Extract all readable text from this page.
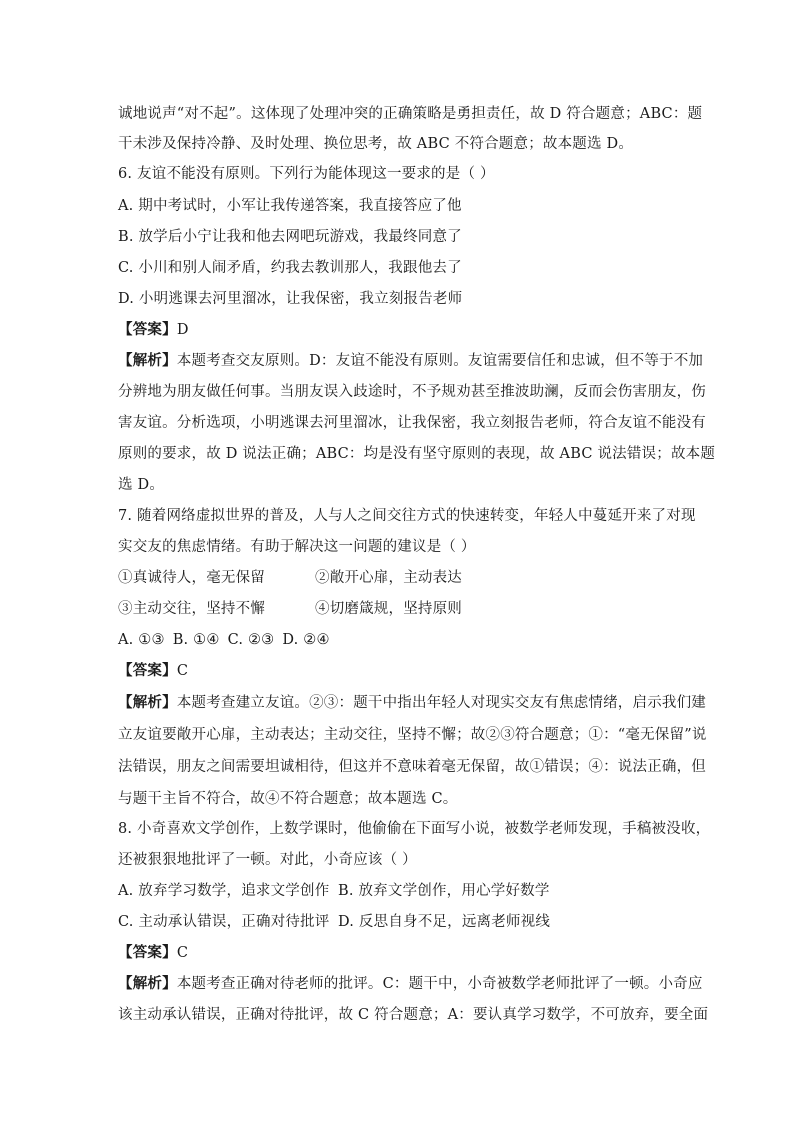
诚地说声“对不起”。这体现了处理冲突的正确策略是勇担责任，故 D 符合题意；ABC：题
干未涉及保持冷静、及时处理、换位思考，故 ABC 不符合题意；故本题选 D。
6. 友谊不能没有原则。下列行为能体现这一要求的是（ ）
A. 期中考试时，小军让我传递答案，我直接答应了他
B. 放学后小宁让我和他去网吧玩游戏，我最终同意了
C. 小川和别人闹矛盾，约我去教训那人，我跟他去了
D. 小明逃课去河里溜冰，让我保密，我立刻报告老师
【答案】D
【解析】本题考查交友原则。D：友谊不能没有原则。友谊需要信任和忠诚，但不等于不加
分辨地为朋友做任何事。当朋友误入歧途时，不予规劝甚至推波助澜，反而会伤害朋友，伤
害友谊。分析选项，小明逃课去河里溜冰，让我保密，我立刻报告老师，符合友谊不能没有
原则的要求，故 D 说法正确；ABC：均是没有坚守原则的表现，故 ABC 说法错误；故本题
选 D。
7. 随着网络虚拟世界的普及，人与人之间交往方式的快速转变，年轻人中蔓延开来了对现
实交友的焦虑情绪。有助于解决这一问题的建议是（ ）
①真诚待人，毫无保留	②敞开心扉，主动表达
③主动交往，坚持不懈	④切磨箴规，坚持原则
A. ①③ B. ①④ C. ②③ D. ②④
【答案】C
【解析】本题考查建立友谊。②③：题干中指出年轻人对现实交友有焦虑情绪，启示我们建
立友谊要敞开心扉，主动表达；主动交往，坚持不懈；故②③符合题意；①：“毫无保留”说
法错误，朋友之间需要坦诚相待，但这并不意味着毫无保留，故①错误；④：说法正确，但
与题干主旨不符合，故④不符合题意；故本题选 C。
8. 小奇喜欢文学创作，上数学课时，他偷偷在下面写小说，被数学老师发现，手稿被没收，
还被狠狠地批评了一顿。对此，小奇应该（ ）
A. 放弃学习数学，追求文学创作 B. 放弃文学创作，用心学好数学
C. 主动承认错误，正确对待批评 D. 反思自身不足，远离老师视线
【答案】C
【解析】本题考查正确对待老师的批评。C：题干中，小奇被数学老师批评了一顿。小奇应
该主动承认错误，正确对待批评，故 C 符合题意；A：要认真学习数学，不可放弃，要全面
